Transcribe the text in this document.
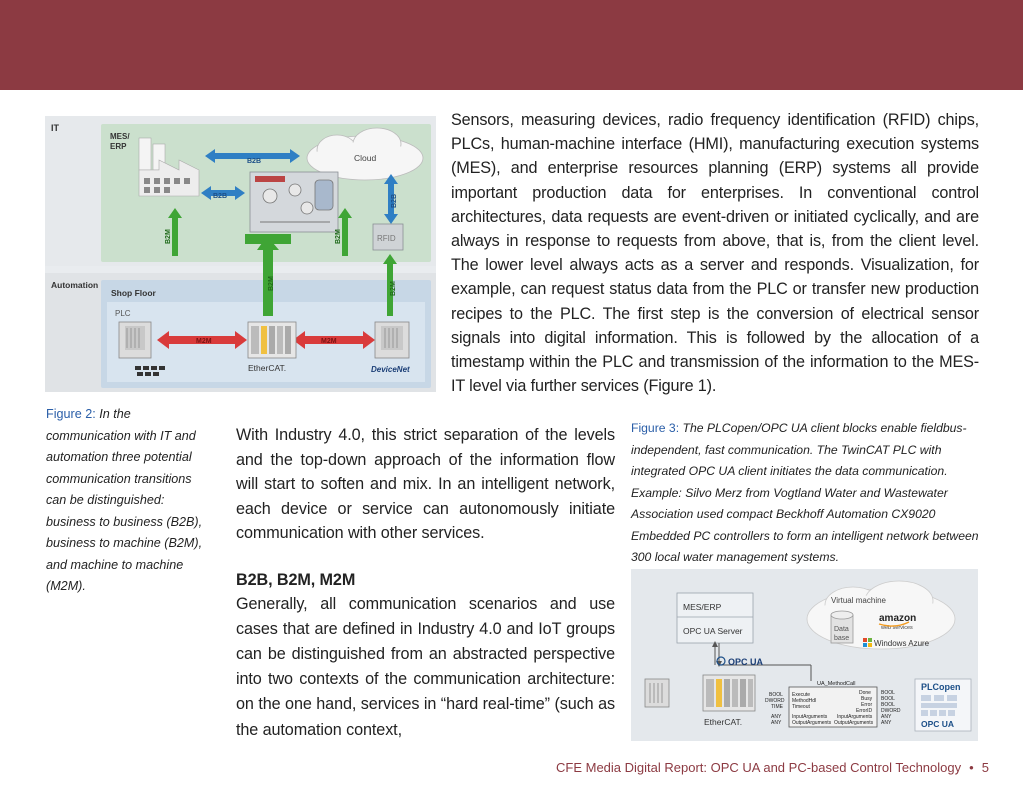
IT
MES/
ERP
Cloud
B2B
B2B	B2B
RFID
B2M	B2M
Automation
Shop Floor
PLC
B2M	B2M
M2M	M2M
EtherCAT.	DeviceNet
Figure 2: In the communication with IT and automation three potential communication transitions can be distinguished: business to business (B2B), business to machine (B2M), and machine to machine (M2M).
Sensors, measuring devices, radio frequency identification (RFID) chips, PLCs, human-machine interface (HMI), manufacturing execution systems (MES), and enterprise resources planning (ERP) systems all provide important production data for enterprises. In conventional control architectures, data requests are event-driven or initiated cyclically, and are always in response to requests from above, that is, from the client level. The lower level always acts as a server and responds. Visualization, for example, can request status data from the PLC or transfer new production recipes to the PLC. The first step is the conversion of electrical sensor signals into digital information. This is followed by the allocation of a timestamp within the PLC and transmission of the information to the MES-IT level via further services (Figure 1).

With Industry 4.0, this strict separation of the levels and the top-down approach of the information flow will start to soften and mix. In an intelligent network, each device or service can autonomously initiate communication with other services.

B2B, B2M, M2M

Generally, all communication scenarios and use cases that are defined in Industry 4.0 and IoT groups can be distinguished from an abstracted perspective into two contexts of the communication architecture: on the one hand, services in “hard real-time” (such as the automation context,

Figure 3: The PLCopen/OPC UA client blocks enable fieldbus-independent, fast communication. The TwinCAT PLC with integrated OPC UA client initiates the data communication. Example: Silvo Merz from Vogtland Water and Wastewater Association used compact Beckhoff Automation CX9020 Embedded PC controllers to form an intelligent network between 300 local water management systems.
MES/ERP
OPC UA Server
Virtual machine
Data
base
amazon
web services
Windows Azure
OPC UA
EtherCAT.
UA_MethodCall
BOOL
DWORD
TIME
ANY
ANY
Execute
MethodHdl
Timeout
InputArguments
OutputArguments
Done
Busy
Error
ErrorID
InputArguments
OutputArguments
BOOL
BOOL
BOOL
DWORD
ANY
ANY
PLCopen
OPC UA
CFE Media Digital Report: OPC UA and PC-based Control Technology • 5
